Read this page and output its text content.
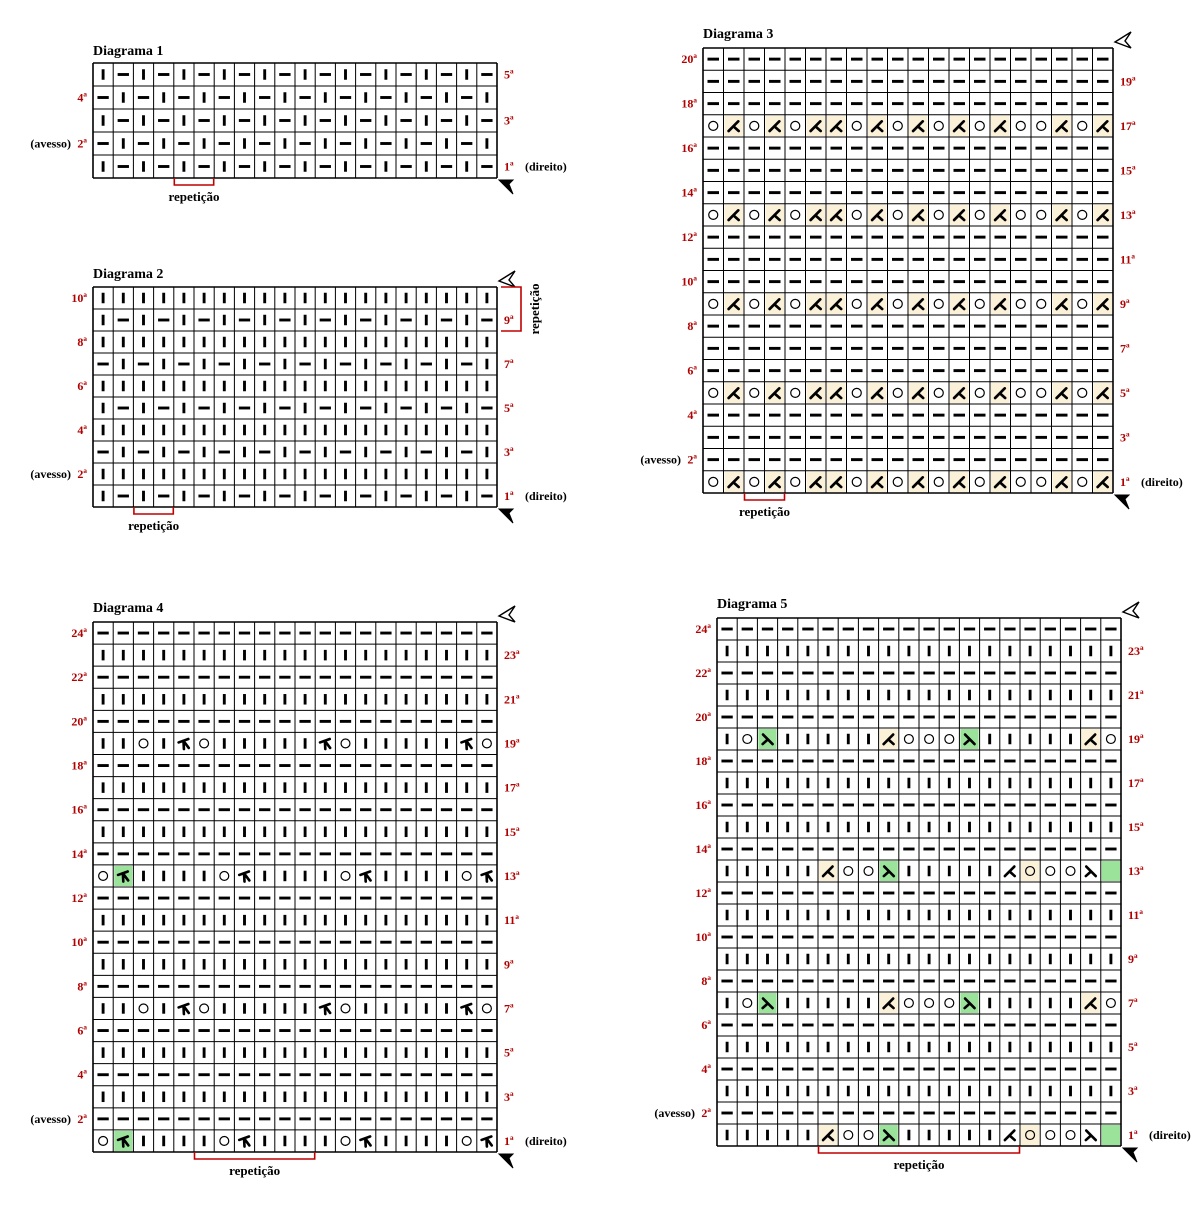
Diagrama 1
5ª
4ª
3ª
2ª
1ª (direito)
(avesso)
repetição
Diagrama 2
10ª
9ª
8ª
7ª
6ª
5ª
4ª
3ª
2ª
1ª (direito)
(avesso)
repetição
repetição
Diagrama 3
20ª
19ª
18ª
17ª
16ª
15ª
14ª
13ª
12ª
11ª
10ª
9ª
8ª
7ª
6ª
5ª
4ª
3ª
2ª
1ª (direito)
(avesso)
repetição
Diagrama 4
24ª
23ª
22ª
21ª
20ª
19ª
18ª
17ª
16ª
15ª
14ª
13ª
12ª
11ª
10ª
9ª
8ª
7ª
6ª
5ª
4ª
3ª
2ª
1ª (direito)
(avesso)
repetição
Diagrama 5
24ª
23ª
22ª
21ª
20ª
19ª
18ª
17ª
16ª
15ª
14ª
13ª
12ª
11ª
10ª
9ª
8ª
7ª
6ª
5ª
4ª
3ª
2ª
1ª (direito)
(avesso)
repetição
